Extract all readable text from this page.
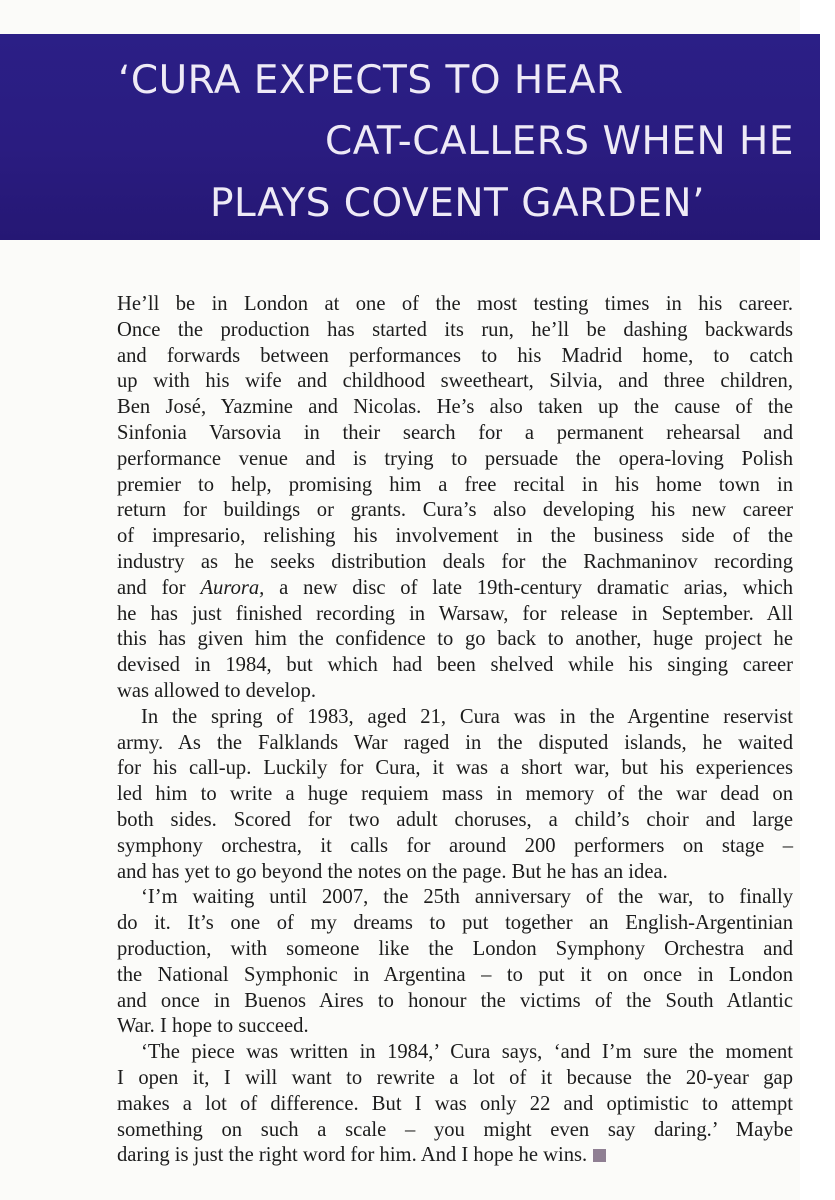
‘CURA EXPECTS TO HEAR
CAT-CALLERS WHEN HE
PLAYS COVENT GARDEN’

He’ll be in London at one of the most testing times in his career.
Once the production has started its run, he’ll be dashing backwards
and forwards between performances to his Madrid home, to catch
up with his wife and childhood sweetheart, Silvia, and three children,
Ben José, Yazmine and Nicolas. He’s also taken up the cause of the
Sinfonia Varsovia in their search for a permanent rehearsal and
performance venue and is trying to persuade the opera-loving Polish
premier to help, promising him a free recital in his home town in
return for buildings or grants. Cura’s also developing his new career
of impresario, relishing his involvement in the business side of the
industry as he seeks distribution deals for the Rachmaninov recording
and for Aurora, a new disc of late 19th-century dramatic arias, which
he has just finished recording in Warsaw, for release in September. All
this has given him the confidence to go back to another, huge project he
devised in 1984, but which had been shelved while his singing career
was allowed to develop.

In the spring of 1983, aged 21, Cura was in the Argentine reservist
army. As the Falklands War raged in the disputed islands, he waited
for his call-up. Luckily for Cura, it was a short war, but his experiences
led him to write a huge requiem mass in memory of the war dead on
both sides. Scored for two adult choruses, a child’s choir and large
symphony orchestra, it calls for around 200 performers on stage –
and has yet to go beyond the notes on the page. But he has an idea.

‘I’m waiting until 2007, the 25th anniversary of the war, to finally
do it. It’s one of my dreams to put together an English-Argentinian
production, with someone like the London Symphony Orchestra and
the National Symphonic in Argentina – to put it on once in London
and once in Buenos Aires to honour the victims of the South Atlantic
War. I hope to succeed.

‘The piece was written in 1984,’ Cura says, ‘and I’m sure the moment
I open it, I will want to rewrite a lot of it because the 20-year gap
makes a lot of difference. But I was only 22 and optimistic to attempt
something on such a scale – you might even say daring.’ Maybe
daring is just the right word for him. And I hope he wins.
